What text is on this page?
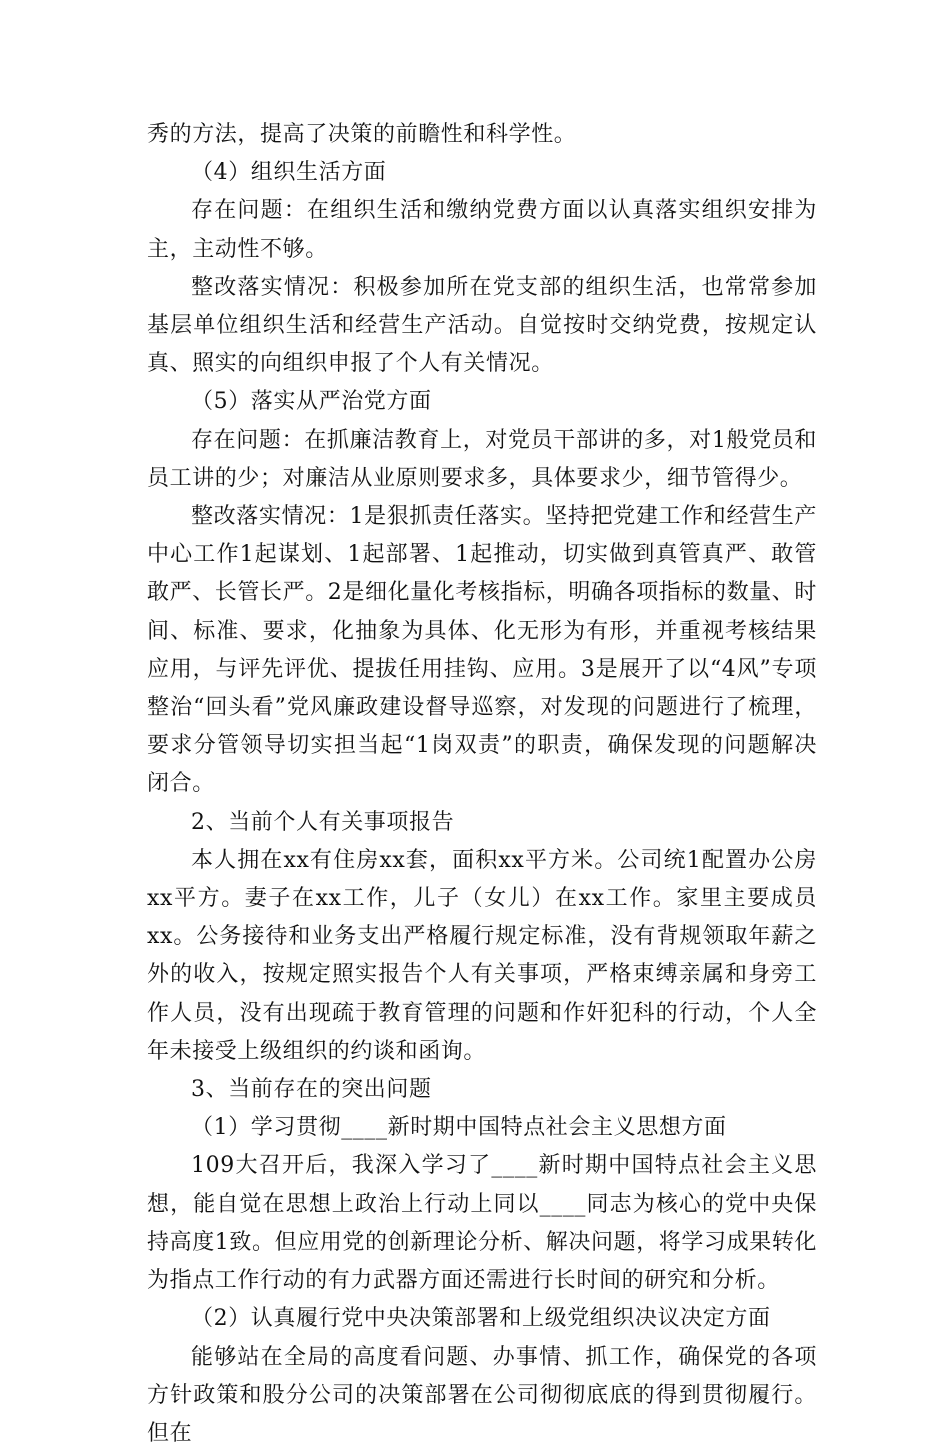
秀的方法，提高了决策的前瞻性和科学性。

（4）组织生活方面

存在问题：在组织生活和缴纳党费方面以认真落实组织安排为主，主动性不够。

整改落实情况：积极参加所在党支部的组织生活，也常常参加基层单位组织生活和经营生产活动。自觉按时交纳党费，按规定认真、照实的向组织申报了个人有关情况。

（5）落实从严治党方面

存在问题：在抓廉洁教育上，对党员干部讲的多，对1般党员和员工讲的少；对廉洁从业原则要求多，具体要求少，细节管得少。

整改落实情况：1是狠抓责任落实。坚持把党建工作和经营生产中心工作1起谋划、1起部署、1起推动，切实做到真管真严、敢管敢严、长管长严。2是细化量化考核指标，明确各项指标的数量、时间、标准、要求，化抽象为具体、化无形为有形，并重视考核结果应用，与评先评优、提拔任用挂钩、应用。3是展开了以“4风”专项整治“回头看”党风廉政建设督导巡察，对发现的问题进行了梳理，要求分管领导切实担当起“1岗双责”的职责，确保发现的问题解决闭合。

2、当前个人有关事项报告

本人拥在xx有住房xx套，面积xx平方米。公司统1配置办公房xx平方。妻子在xx工作，儿子（女儿）在xx工作。家里主要成员xx。公务接待和业务支出严格履行规定标准，没有背规领取年薪之外的收入，按规定照实报告个人有关事项，严格束缚亲属和身旁工作人员，没有出现疏于教育管理的问题和作奸犯科的行动，个人全年未接受上级组织的约谈和函询。

3、当前存在的突出问题

（1）学习贯彻____新时期中国特点社会主义思想方面

109大召开后，我深入学习了____新时期中国特点社会主义思想，能自觉在思想上政治上行动上同以____同志为核心的党中央保持高度1致。但应用党的创新理论分析、解决问题，将学习成果转化为指点工作行动的有力武器方面还需进行长时间的研究和分析。

（2）认真履行党中央决策部署和上级党组织决议决定方面

能够站在全局的高度看问题、办事情、抓工作，确保党的各项方针政策和股分公司的决策部署在公司彻彻底底的得到贯彻履行。但在
